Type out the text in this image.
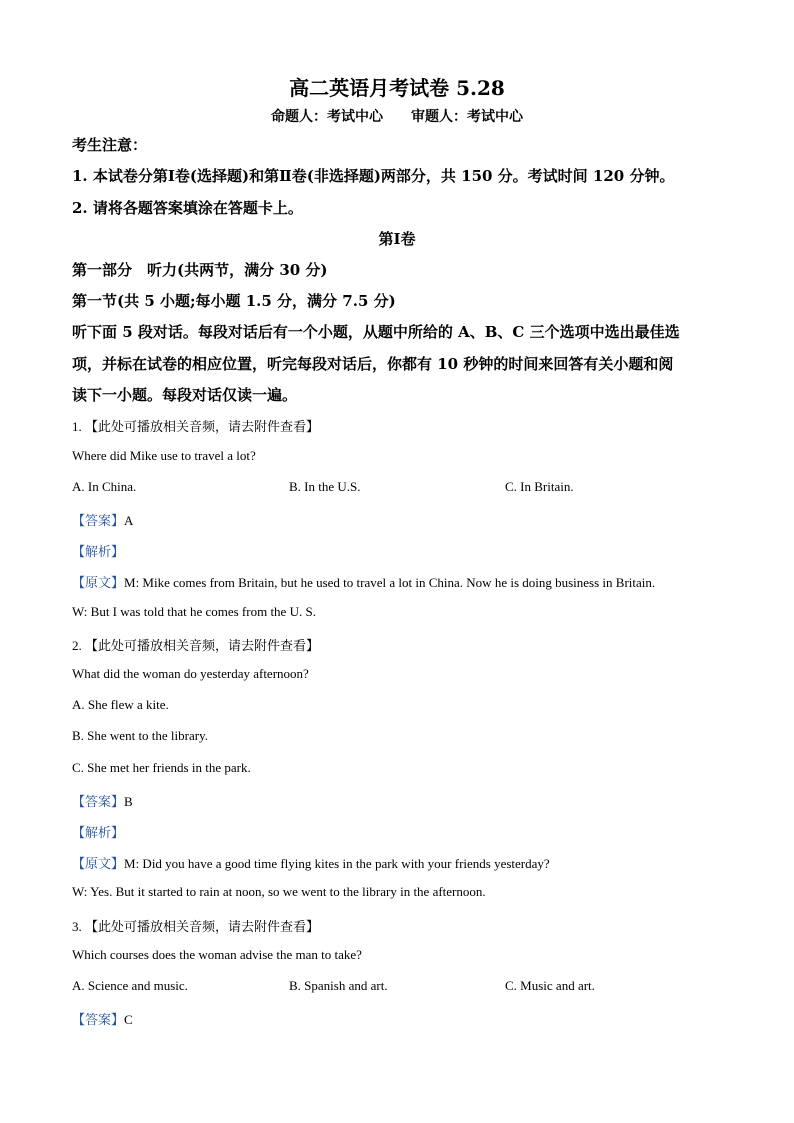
高二英语月考试卷 5.28
命题人：考试中心　　审题人：考试中心
考生注意：
1. 本试卷分第Ⅰ卷(选择题)和第Ⅱ卷(非选择题)两部分，共 150 分。考试时间 120 分钟。
2. 请将各题答案填涂在答题卡上。
第Ⅰ卷
第一部分　听力(共两节，满分 30 分)
第一节(共 5 小题;每小题 1.5 分，满分 7.5 分)
听下面 5 段对话。每段对话后有一个小题，从题中所给的 A、B、C 三个选项中选出最佳选
项，并标在试卷的相应位置，听完每段对话后，你都有 10 秒钟的时间来回答有关小题和阅
读下一小题。每段对话仅读一遍。
1. 【此处可播放相关音频，请去附件查看】
Where did Mike use to travel a lot?
A. In China.	B. In the U.S.	C. In Britain.
【答案】A
【解析】
【原文】M: Mike comes from Britain, but he used to travel a lot in China. Now he is doing business in Britain.
W: But I was told that he comes from the U. S.
2. 【此处可播放相关音频，请去附件查看】
What did the woman do yesterday afternoon?
A. She flew a kite.
B. She went to the library.
C. She met her friends in the park.
【答案】B
【解析】
【原文】M: Did you have a good time flying kites in the park with your friends yesterday?
W: Yes. But it started to rain at noon, so we went to the library in the afternoon.
3. 【此处可播放相关音频，请去附件查看】
Which courses does the woman advise the man to take?
A. Science and music.	B. Spanish and art.	C. Music and art.
【答案】C
